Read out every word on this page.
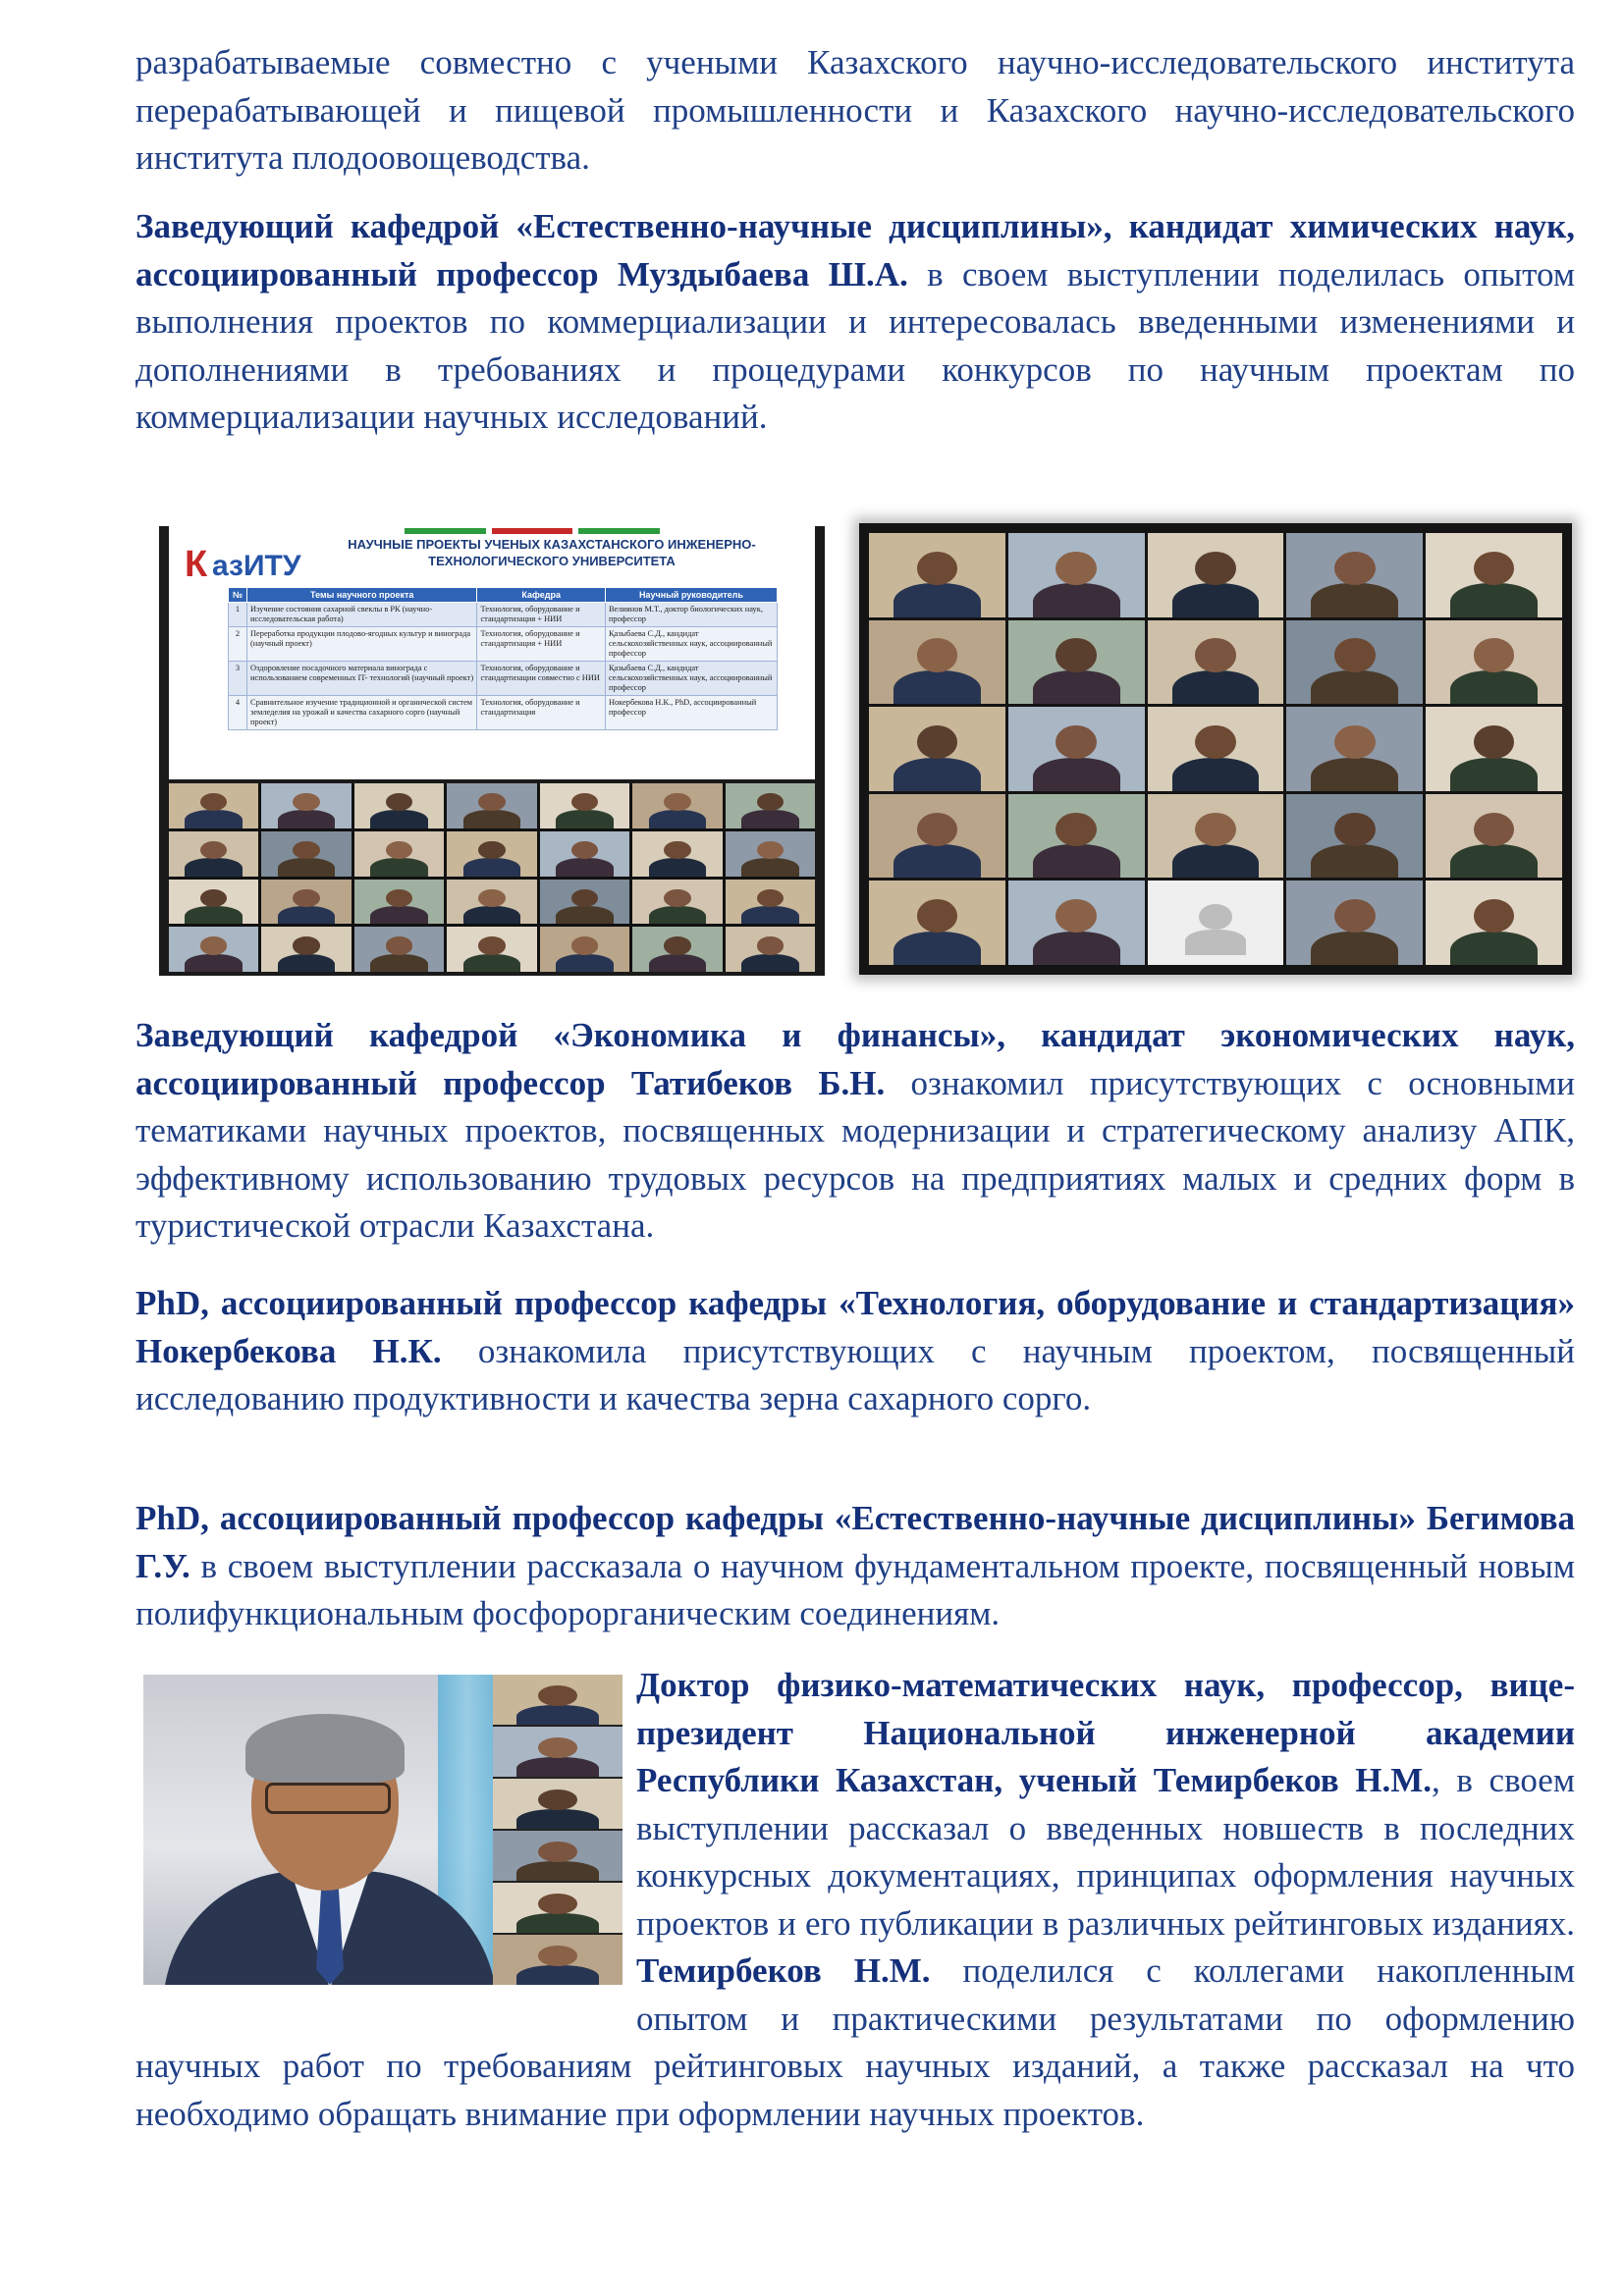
разрабатываемые совместно с учеными Казахского научно-исследовательского института перерабатывающей и пищевой промышленности и Казахского научно-исследовательского института плодоовощеводства.

Заведующий кафедрой «Естественно-научные дисциплины», кандидат химических наук, ассоциированный профессор Муздыбаева Ш.А. в своем выступлении поделилась опытом выполнения проектов по коммерциализации и интересовалась введенными изменениями и дополнениями в требованиях и процедурами конкурсов по научным проектам по коммерциализации научных исследований.

К азИТУ
НАУЧНЫЕ ПРОЕКТЫ УЧЕНЫХ КАЗАХСТАНСКОГО ИНЖЕНЕРНО-ТЕХНОЛОГИЧЕСКОГО УНИВЕРСИТЕТА
№	Темы научного проекта	Кафедра	Научный руководитель
1	Изучение состояния сахарной свеклы в РК (научно-исследовательская работа)	Технология, оборудование и стандартизация + НИИ	Велиянов М.Т., доктор биологических наук, профессор
2	Переработка продукции плодово-ягодных культур и винограда (научный проект)	Технология, оборудование и стандартизация + НИИ	Қазыбаева С.Д., кандидат сельскохозяйственных наук, ассоциированный профессор
3	Оздоровление посадочного материала винограда с использованием современных IT- технологий (научный проект)	Технология, оборудование и стандартизации совместно с НИИ	Қазыбаева С.Д., кандидат сельскохозяйственных наук, ассоциированный профессор
4	Сравнительное изучение традиционной и органической систем земледелия на урожай и качества сахарного сорго (научный проект)	Технология, оборудование и стандартизация	Нокербекова Н.К., PhD, ассоциированный профессор

Заведующий кафедрой «Экономика и финансы», кандидат экономических наук, ассоциированный профессор Татибеков Б.Н. ознакомил присутствующих с основными тематиками научных проектов, посвященных модернизации и стратегическому анализу АПК, эффективному использованию трудовых ресурсов на предприятиях малых и средних форм в туристической отрасли Казахстана.

PhD, ассоциированный профессор кафедры «Технология, оборудование и стандартизация» Нокербекова Н.К. ознакомила присутствующих с научным проектом, посвященный исследованию продуктивности и качества зерна сахарного сорго.

PhD, ассоциированный профессор кафедры «Естественно-научные дисциплины» Бегимова Г.У. в своем выступлении рассказала о научном фундаментальном проекте, посвященный новым полифункциональным фосфорорганическим соединениям.

Доктор физико-математических наук, профессор, вице-президент Национальной инженерной академии Республики Казахстан, ученый Темирбеков Н.М., в своем выступлении рассказал о введенных новшеств в последних конкурсных документациях, принципах оформления научных проектов и его публикации в различных рейтинговых изданиях. Темирбеков Н.М. поделился с коллегами накопленным опытом и практическими результатами по оформлению научных работ по требованиям рейтинговых научных изданий, а также рассказал на что необходимо обращать внимание при оформлении научных проектов.
